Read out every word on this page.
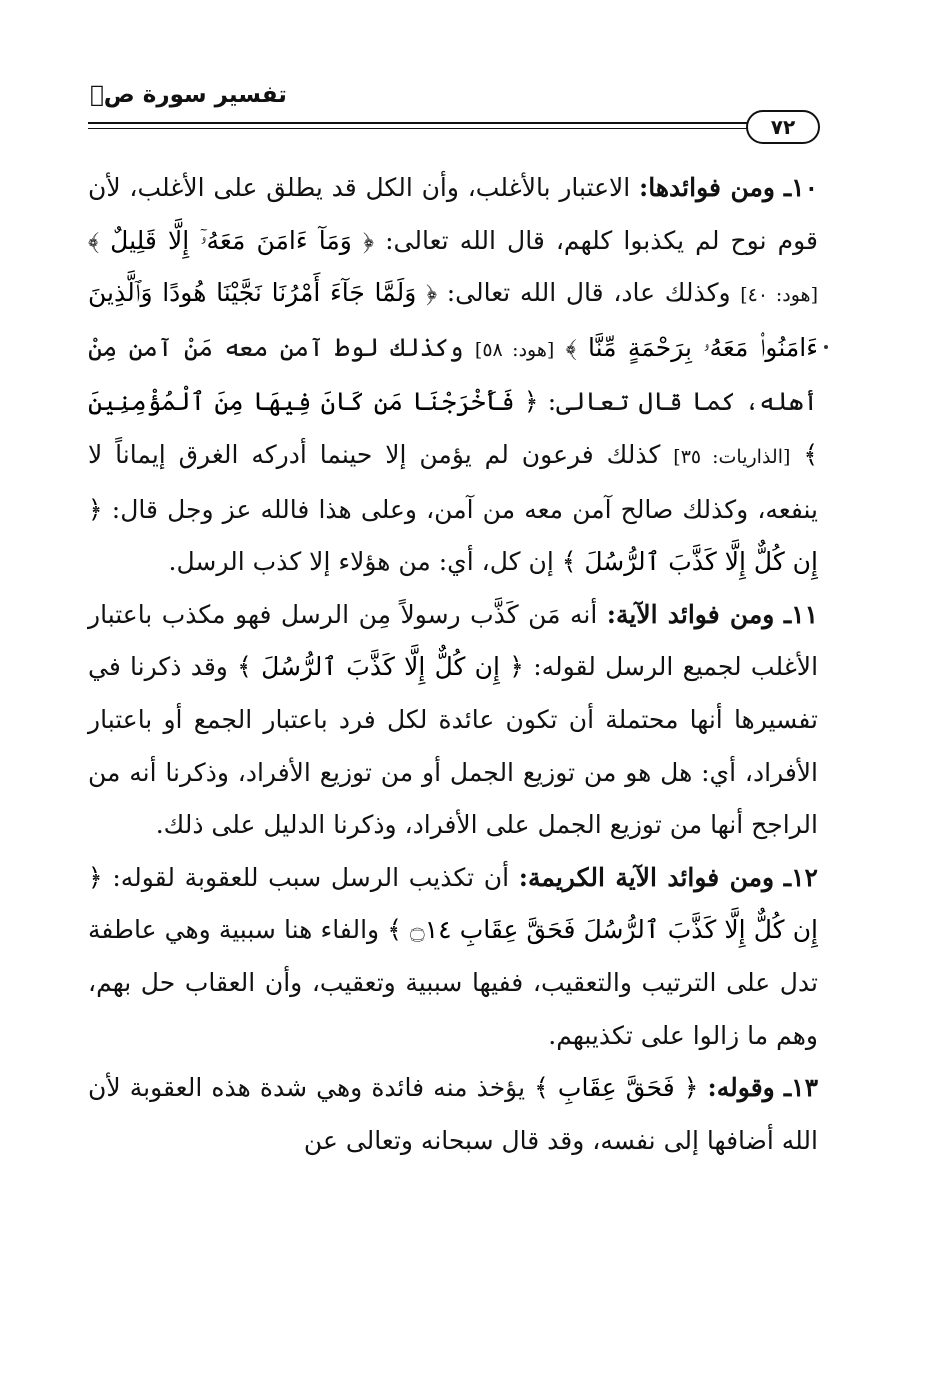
تفسير سورة صۤ
٧٢

١٠ـ ومن فوائدها: الاعتبار بالأغلب، وأن الكل قد يطلق على الأغلب، لأن قوم نوح لم يكذبوا كلهم، قال الله تعالى: ﴿ وَمَآ ءَامَنَ مَعَهُۥٓ إِلَّا قَلِيلٌ ﴾ [هود: ٤٠] وكذلك عاد، قال الله تعالى: ﴿ وَلَمَّا جَآءَ أَمْرُنَا نَجَّيْنَا هُودًا وَٱلَّذِينَ ءَامَنُوا۟ مَعَهُۥ بِرَحْمَةٍ مِّنَّا ﴾ [هود: ٥٨] وكذلك لوط آمن معه مَنْ آمن مِنْ أهله، كما قال تعالى: ﴿ فَأَخْرَجْنَا مَن كَانَ فِيهَا مِنَ ٱلْمُؤْمِنِينَ ﴾ [الذاريات: ٣٥] كذلك فرعون لم يؤمن إلا حينما أدركه الغرق إيماناً لا ينفعه، وكذلك صالح آمن معه من آمن، وعلى هذا فالله عز وجل قال: ﴿ إِن كُلٌّ إِلَّا كَذَّبَ ٱلرُّسُلَ ﴾ إن كل، أي: من هؤلاء إلا كذب الرسل.

١١ـ ومن فوائد الآية: أنه مَن كَذَّب رسولاً مِن الرسل فهو مكذب باعتبار الأغلب لجميع الرسل لقوله: ﴿ إِن كُلٌّ إِلَّا كَذَّبَ ٱلرُّسُلَ ﴾ وقد ذكرنا في تفسيرها أنها محتملة أن تكون عائدة لكل فرد باعتبار الجمع أو باعتبار الأفراد، أي: هل هو من توزيع الجمل أو من توزيع الأفراد، وذكرنا أنه من الراجح أنها من توزيع الجمل على الأفراد، وذكرنا الدليل على ذلك.

١٢ـ ومن فوائد الآية الكريمة: أن تكذيب الرسل سبب للعقوبة لقوله: ﴿ إِن كُلٌّ إِلَّا كَذَّبَ ٱلرُّسُلَ فَحَقَّ عِقَابِ ۝١٤ ﴾ والفاء هنا سببية وهي عاطفة تدل على الترتيب والتعقيب، ففيها سببية وتعقيب، وأن العقاب حل بهم، وهم ما زالوا على تكذيبهم.

١٣ـ وقوله: ﴿ فَحَقَّ عِقَابِ ﴾ يؤخذ منه فائدة وهي شدة هذه العقوبة لأن الله أضافها إلى نفسه، وقد قال سبحانه وتعالى عن
